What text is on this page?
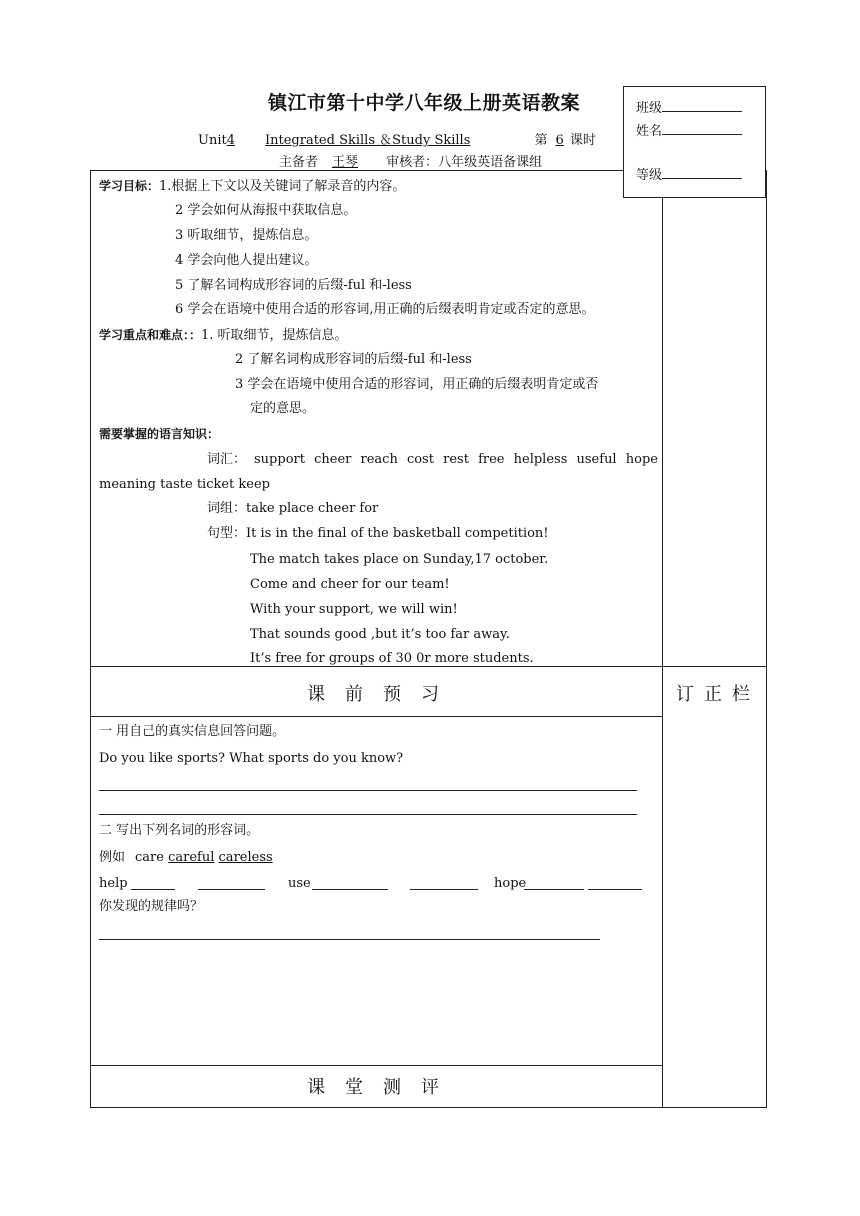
镇江市第十中学八年级上册英语教案
Unit4 Integrated Skills ＆Study Skills	第 6 课时
主备者 王琴 审核者：八年级英语备课组
班级
姓名
等级
学习目标：1.根据上下文以及关键词了解录音的内容。
2 学会如何从海报中获取信息。
3 听取细节，提炼信息。
4 学会向他人提出建议。
5 了解名词构成形容词的后缀-ful 和-less
6 学会在语境中使用合适的形容词,用正确的后缀表明肯定或否定的意思。
学习重点和难点：：1. 听取细节，提炼信息。
2 了解名词构成形容词的后缀-ful 和-less
3 学会在语境中使用合适的形容词，用正确的后缀表明肯定或否
定的意思。
需要掌握的语言知识：
词汇： support cheer reach cost rest free helpless useful hope
meaning taste ticket keep
词组：take place cheer for
句型：It is in the final of the basketball competition!
The match takes place on Sunday,17 october.
Come and cheer for our team!
With your support, we will win!
That sounds good ,but it’s too far away.
It’s free for groups of 30 0r more students.
课前预习	订正栏
课堂测评
一 用自己的真实信息回答问题。
Do you like sports? What sports do you know?
二 写出下列名词的形容词。
例如 care careful careless
help	use	hope
你发现的规律吗？
